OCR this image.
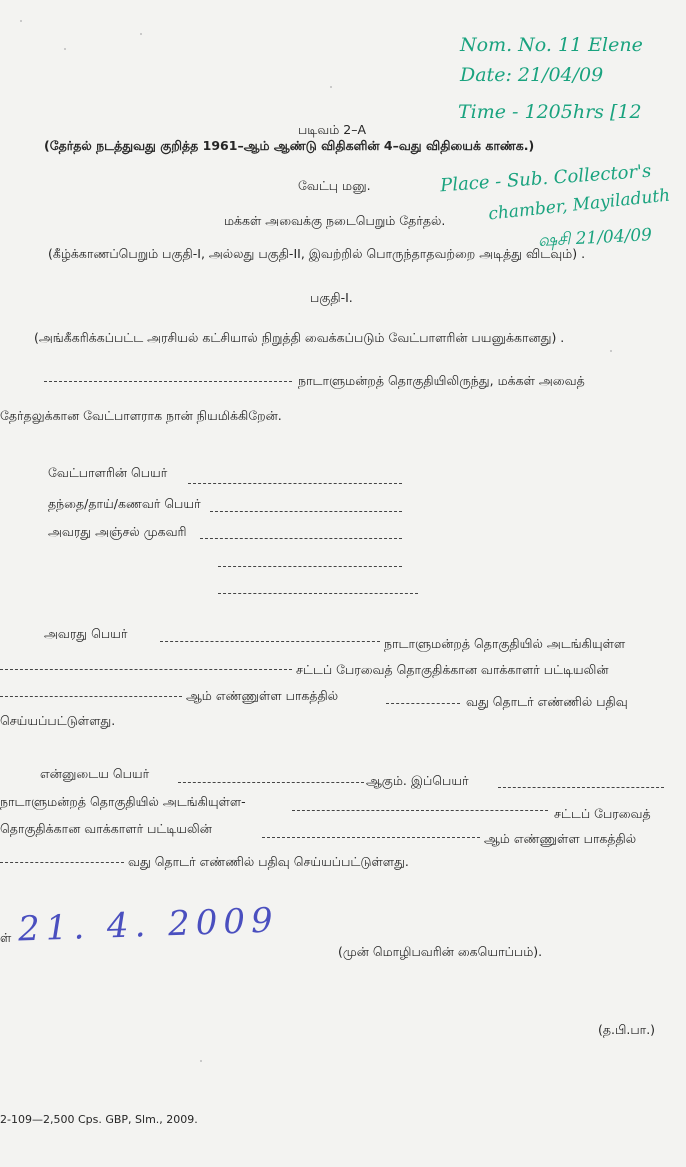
Nom. No. 11 Elene
Date: 21/04/09
Time - 1205hrs [12
Place - Sub. Collector's
chamber, Mayiladuth
ஷசி 21/04/09
படிவம் 2–A
(தேர்தல் நடத்துவது குறித்த 1961–ஆம் ஆண்டு விதிகளின் 4–வது விதியைக் காண்க.)
வேட்பு மனு.
மக்கள் அவைக்கு நடைபெறும் தேர்தல்.
(கீழ்க்காணப்பெறும் பகுதி-I, அல்லது பகுதி-II, இவற்றில் பொருந்தாதவற்றை அடித்து விடவும்) .
பகுதி-I.
(அங்கீகரிக்கப்பட்ட அரசியல் கட்சியால் நிறுத்தி வைக்கப்படும் வேட்பாளரின் பயனுக்கானது) .
நாடாளுமன்றத் தொகுதியிலிருந்து, மக்கள் அவைத்
தேர்தலுக்கான வேட்பாளராக நான் நியமிக்கிறேன்.
வேட்பாளரின் பெயர்
தந்தை/தாய்/கணவர் பெயர்
அவரது அஞ்சல் முகவரி
அவரது பெயர்
நாடாளுமன்றத் தொகுதியில் அடங்கியுள்ள
சட்டப் பேரவைத் தொகுதிக்கான வாக்காளர் பட்டியலின்
ஆம் எண்ணுள்ள பாகத்தில்	வது தொடர் எண்ணில் பதிவு
செய்யப்பட்டுள்ளது.
என்னுடைய பெயர்	ஆகும். இப்பெயர்
நாடாளுமன்றத் தொகுதியில் அடங்கியுள்ள-
சட்டப் பேரவைத்
தொகுதிக்கான வாக்காளர் பட்டியலின்
ஆம் எண்ணுள்ள பாகத்தில்
வது தொடர் எண்ணில் பதிவு செய்யப்பட்டுள்ளது.
ள் 21. 4. 2009
(முன் மொழிபவரின் கையொப்பம்).
(த.பி.பா.)
2-109—2,500 Cps. GBP, Slm., 2009.
